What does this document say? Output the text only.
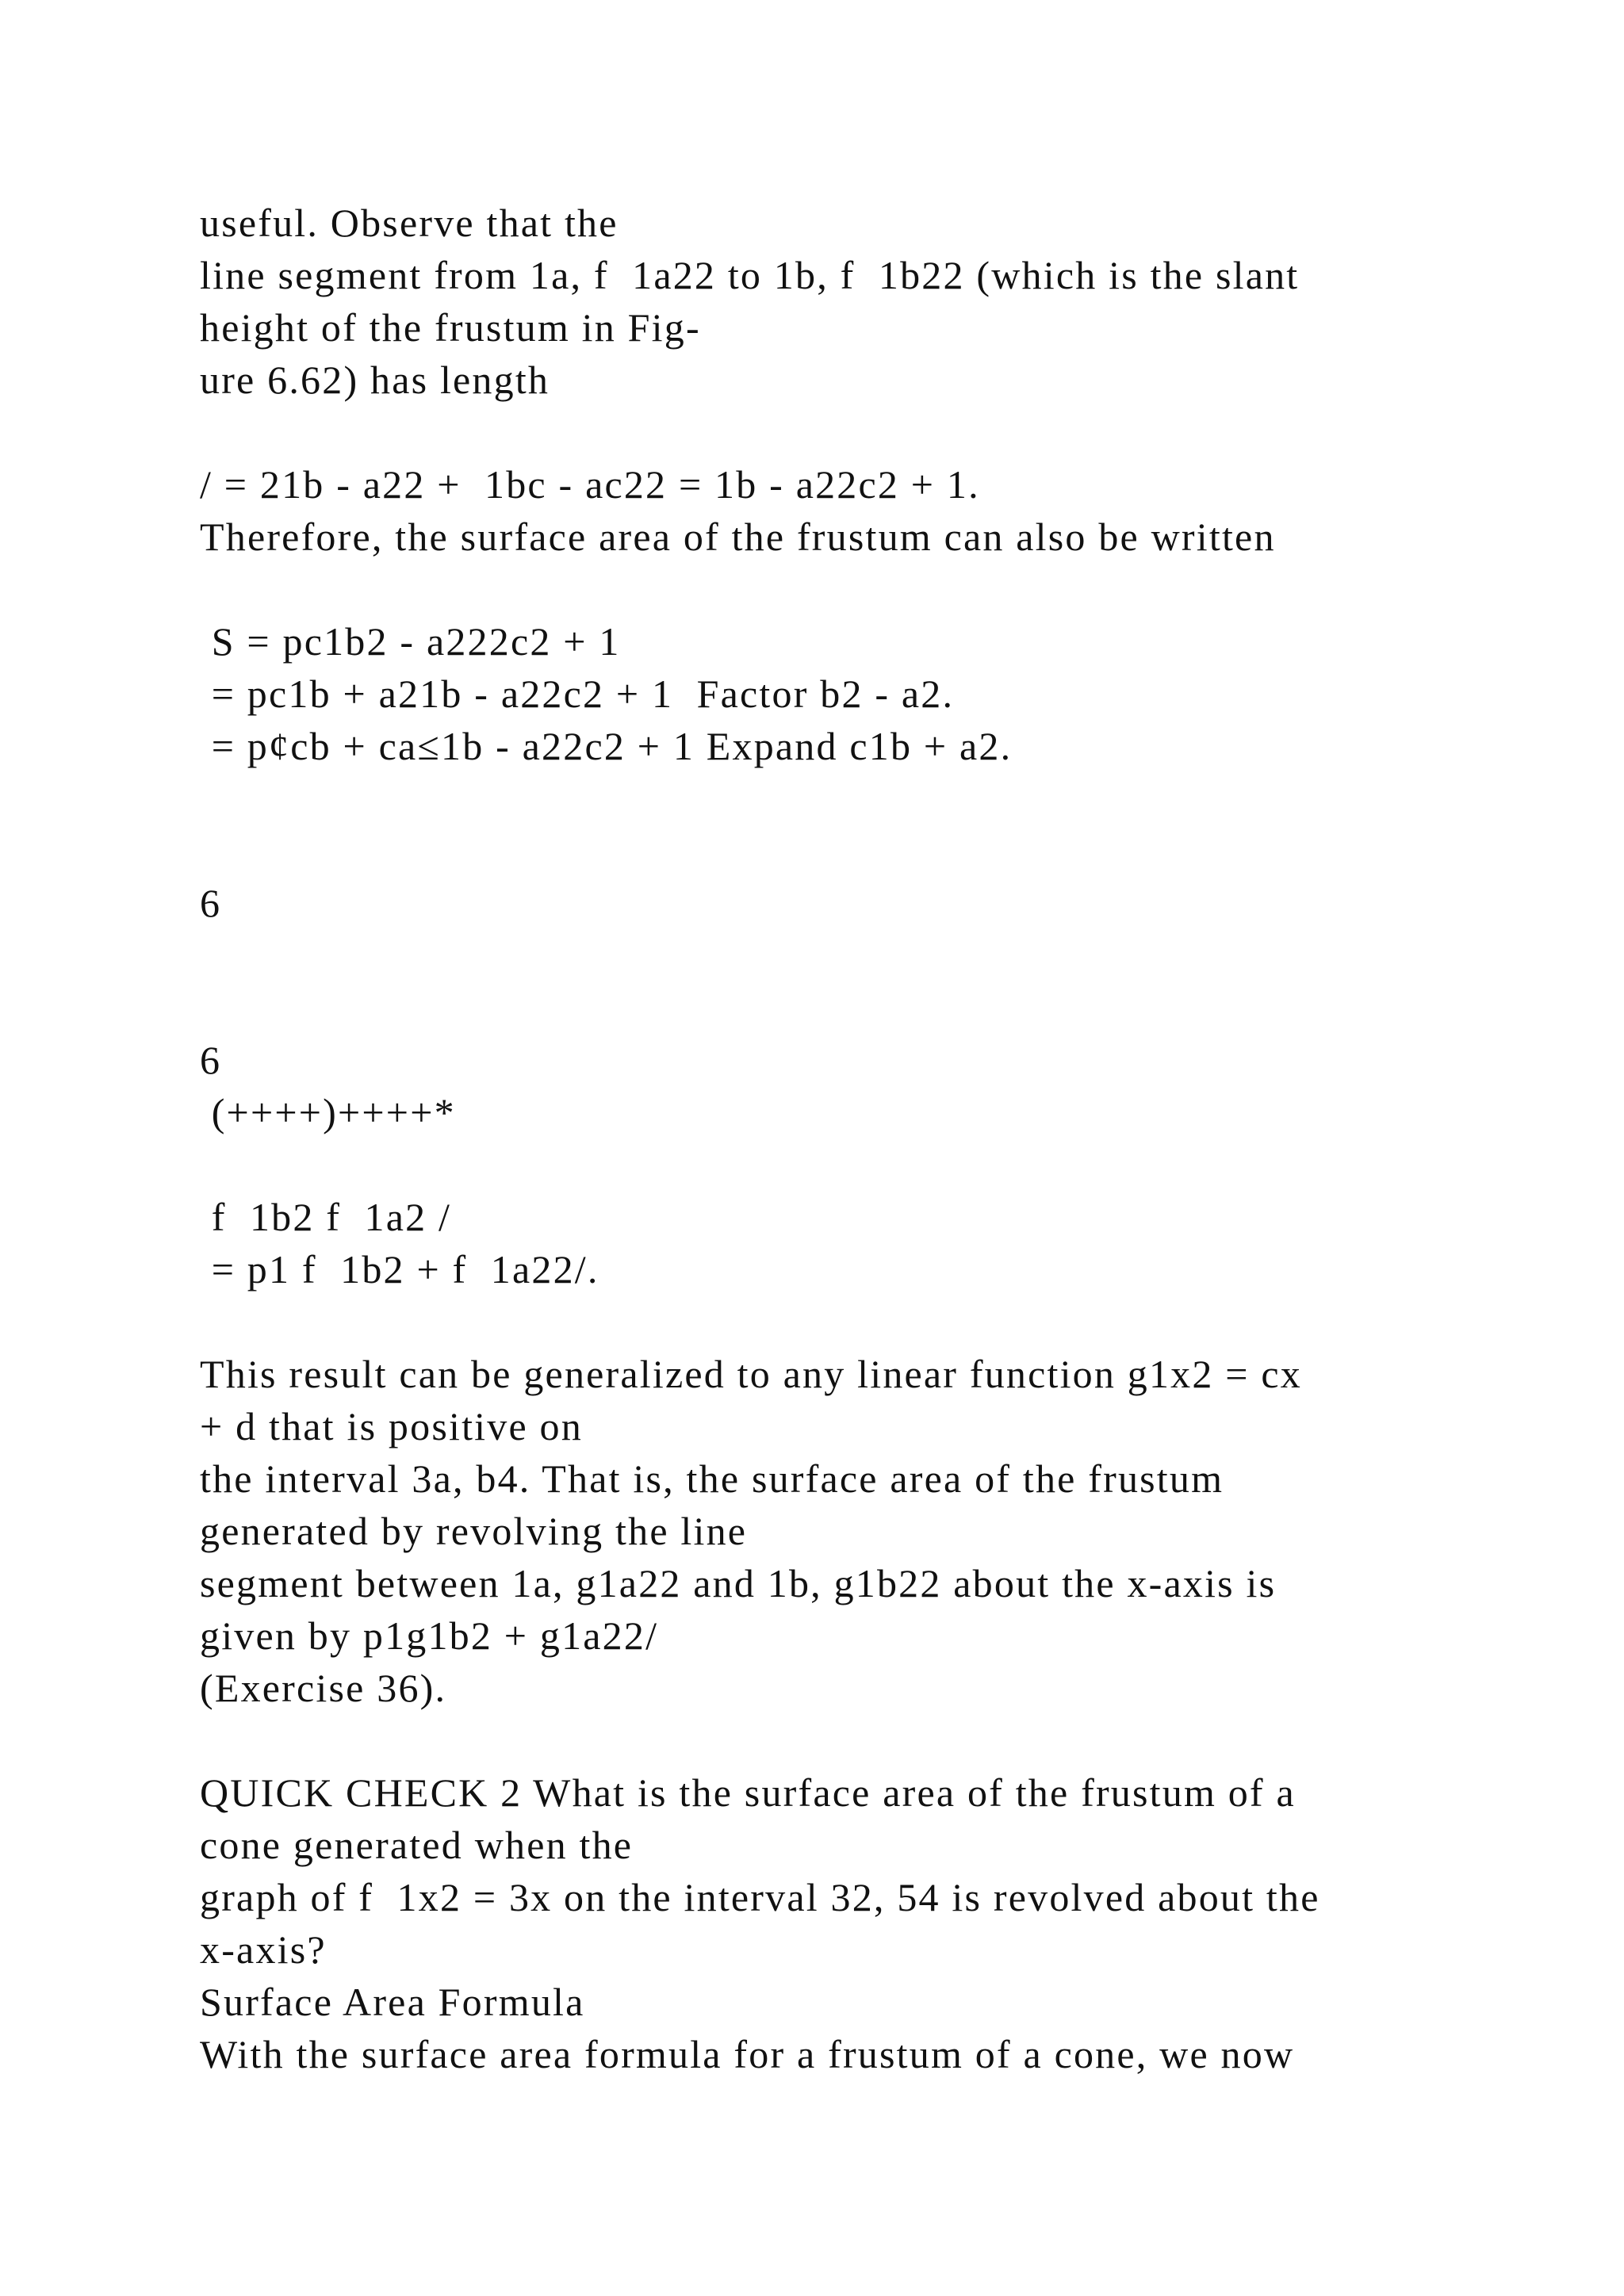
useful. Observe that the
line segment from 1a, f  1a22 to 1b, f  1b22 (which is the slant
height of the frustum in Fig-
ure 6.62) has length
/ = 21b - a22 +  1bc - ac22 = 1b - a22c2 + 1.
Therefore, the surface area of the frustum can also be written
S = pc1b2 - a222c2 + 1
= pc1b + a21b - a22c2 + 1  Factor b2 - a2.
= p¢cb + ca≤1b - a22c2 + 1 Expand c1b + a2.
6
6
(++++)++++*
f  1b2 f  1a2 /
= p1 f  1b2 + f  1a22/.
This result can be generalized to any linear function g1x2 = cx
+ d that is positive on
the interval 3a, b4. That is, the surface area of the frustum
generated by revolving the line
segment between 1a, g1a22 and 1b, g1b22 about the x-axis is
given by p1g1b2 + g1a22/
(Exercise 36).
QUICK CHECK 2 What is the surface area of the frustum of a
cone generated when the
graph of f  1x2 = 3x on the interval 32, 54 is revolved about the
x-axis?
Surface Area Formula
With the surface area formula for a frustum of a cone, we now
